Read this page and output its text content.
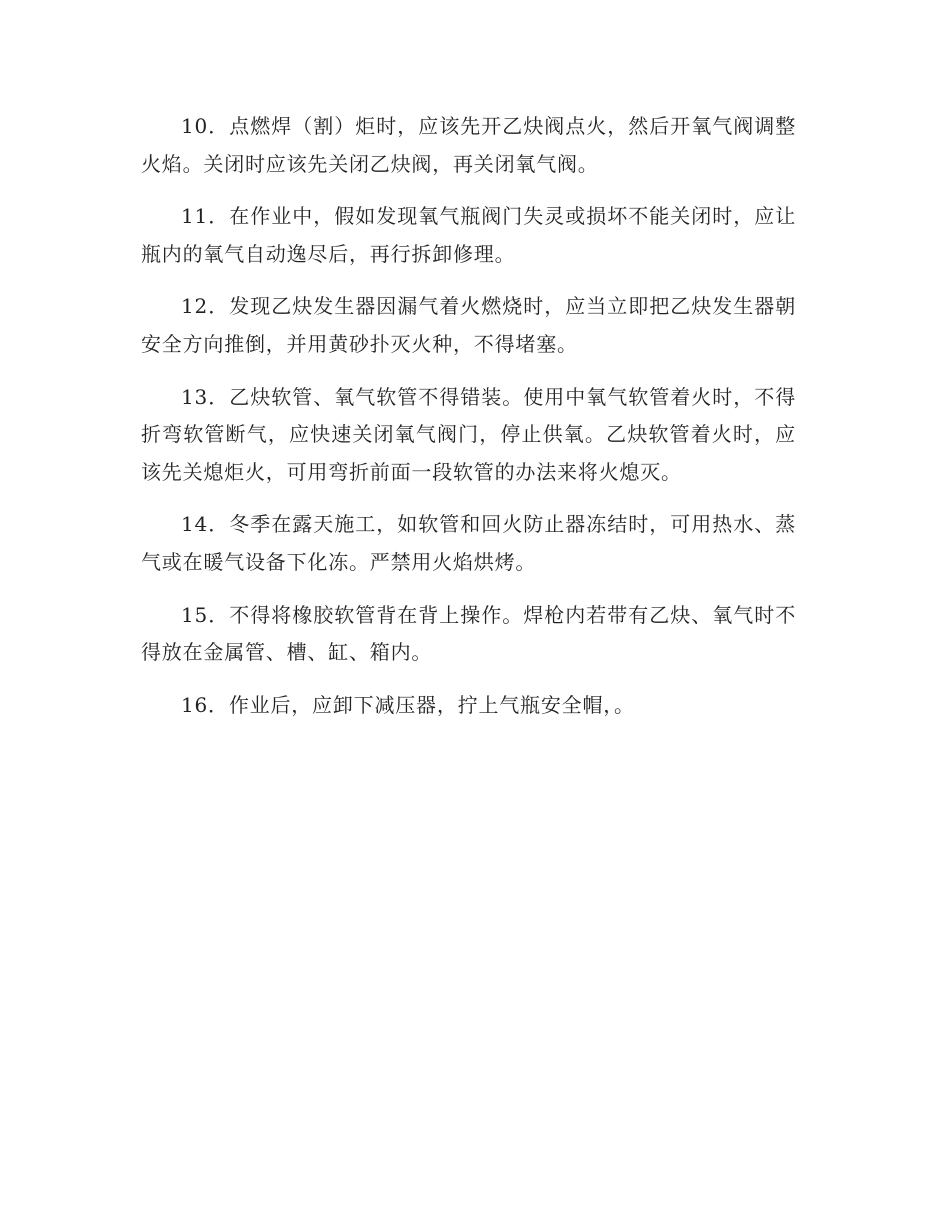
10．点燃焊（割）炬时，应该先开乙炔阀点火，然后开氧气阀调整火焰。关闭时应该先关闭乙炔阀，再关闭氧气阀。

11．在作业中，假如发现氧气瓶阀门失灵或损坏不能关闭时，应让瓶内的氧气自动逸尽后，再行拆卸修理。

12．发现乙炔发生器因漏气着火燃烧时，应当立即把乙炔发生器朝安全方向推倒，并用黄砂扑灭火种，不得堵塞。

13．乙炔软管、氧气软管不得错装。使用中氧气软管着火时，不得折弯软管断气，应快速关闭氧气阀门，停止供氧。乙炔软管着火时，应该先关熄炬火，可用弯折前面一段软管的办法来将火熄灭。

14．冬季在露天施工，如软管和回火防止器冻结时，可用热水、蒸气或在暖气设备下化冻。严禁用火焰烘烤。

15．不得将橡胶软管背在背上操作。焊枪内若带有乙炔、氧气时不得放在金属管、槽、缸、箱内。

16．作业后，应卸下减压器，拧上气瓶安全帽，。
